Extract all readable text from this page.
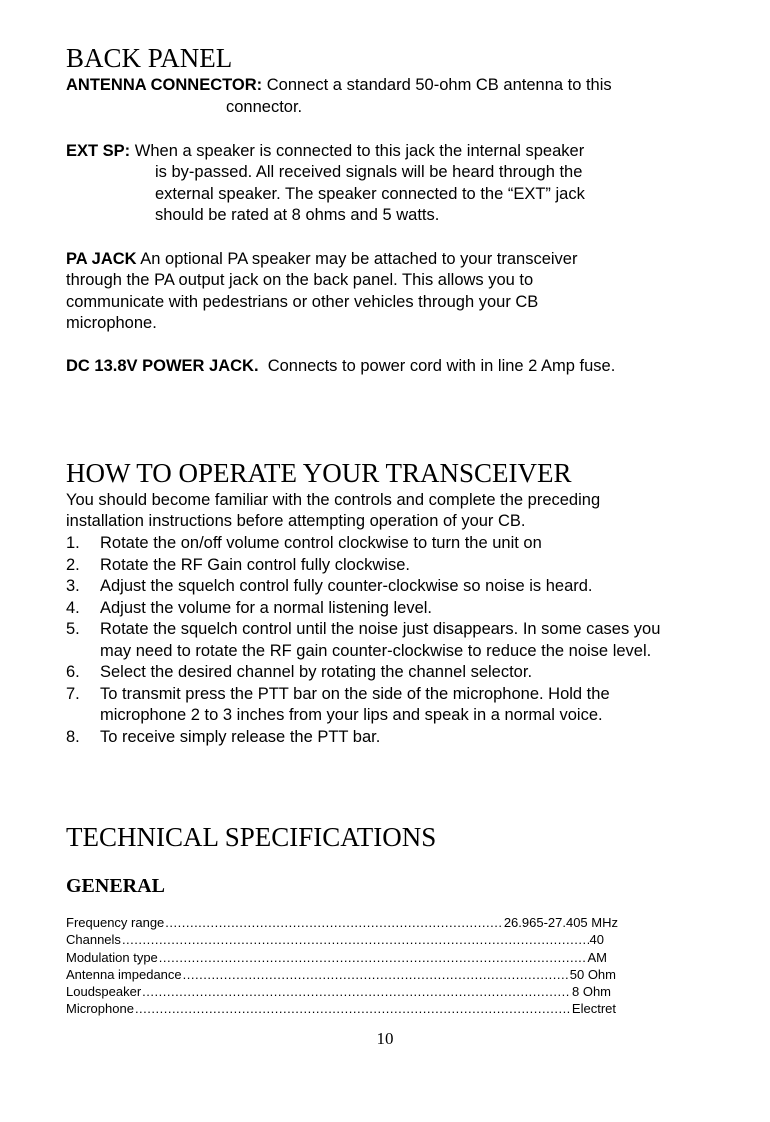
BACK PANEL
ANTENNA CONNECTOR: Connect a standard 50-ohm CB antenna to this
connector.
EXT SP: When a speaker is connected to this jack the internal speaker
is by-passed. All received signals will be heard through the
external speaker. The speaker connected to the “EXT” jack
should be rated at 8 ohms and 5 watts.
PA JACK An optional PA speaker may be attached to your transceiver
through the PA output jack on the back panel. This allows you to
communicate with pedestrians or other vehicles through your CB
microphone.
DC 13.8V POWER JACK. Connects to power cord with in line 2 Amp fuse.
HOW TO OPERATE YOUR TRANSCEIVER
You should become familiar with the controls and complete the preceding
installation instructions before attempting operation of your CB.
1. Rotate the on/off volume control clockwise to turn the unit on
2. Rotate the RF Gain control fully clockwise.
3. Adjust the squelch control fully counter-clockwise so noise is heard.
4. Adjust the volume for a normal listening level.
5. Rotate the squelch control until the noise just disappears. In some cases you may need to rotate the RF gain counter-clockwise to reduce the noise level.
6. Select the desired channel by rotating the channel selector.
7. To transmit press the PTT bar on the side of the microphone. Hold the microphone 2 to 3 inches from your lips and speak in a normal voice.
8. To receive simply release the PTT bar.
TECHNICAL SPECIFICATIONS
GENERAL
Frequency range .....	26.965-27.405 MHz
Channels .....	40
Modulation type .....	AM
Antenna impedance .....	50 Ohm
Loudspeaker .....	8 Ohm
Microphone .....	Electret
10
